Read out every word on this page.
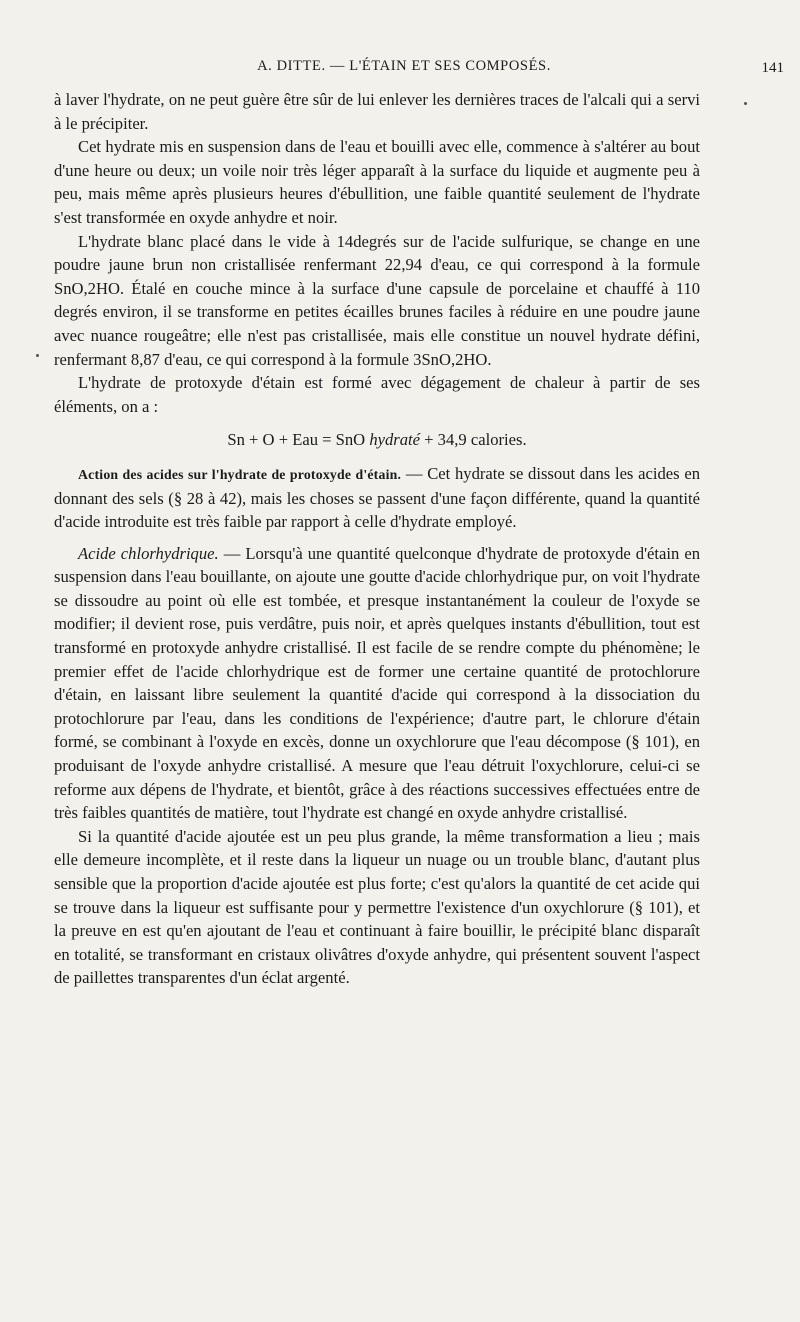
A. DITTE. — L'ÉTAIN ET SES COMPOSÉS.	141

à laver l'hydrate, on ne peut guère être sûr de lui enlever les dernières traces de l'alcali qui a servi à le précipiter.

Cet hydrate mis en suspension dans de l'eau et bouilli avec elle, commence à s'altérer au bout d'une heure ou deux; un voile noir très léger apparaît à la surface du liquide et augmente peu à peu, mais même après plusieurs heures d'ébullition, une faible quantité seulement de l'hydrate s'est transformée en oxyde anhydre et noir.

L'hydrate blanc placé dans le vide à 14degrés sur de l'acide sulfurique, se change en une poudre jaune brun non cristallisée renfermant 22,94 d'eau, ce qui correspond à la formule SnO,2HO. Étalé en couche mince à la surface d'une capsule de porcelaine et chauffé à 110 degrés environ, il se transforme en petites écailles brunes faciles à réduire en une poudre jaune avec nuance rougeâtre; elle n'est pas cristallisée, mais elle constitue un nouvel hydrate défini, renfermant 8,87 d'eau, ce qui correspond à la formule 3SnO,2HO.

L'hydrate de protoxyde d'étain est formé avec dégagement de chaleur à partir de ses éléments, on a :

Sn + O + Eau = SnO hydraté + 34,9 calories.

Action des acides sur l'hydrate de protoxyde d'étain. — Cet hydrate se dissout dans les acides en donnant des sels (§ 28 à 42), mais les choses se passent d'une façon différente, quand la quantité d'acide introduite est très faible par rapport à celle d'hydrate employé.

Acide chlorhydrique. — Lorsqu'à une quantité quelconque d'hydrate de protoxyde d'étain en suspension dans l'eau bouillante, on ajoute une goutte d'acide chlorhydrique pur, on voit l'hydrate se dissoudre au point où elle est tombée, et presque instantanément la couleur de l'oxyde se modifier; il devient rose, puis verdâtre, puis noir, et après quelques instants d'ébullition, tout est transformé en protoxyde anhydre cristallisé. Il est facile de se rendre compte du phénomène; le premier effet de l'acide chlorhydrique est de former une certaine quantité de protochlorure d'étain, en laissant libre seulement la quantité d'acide qui correspond à la dissociation du protochlorure par l'eau, dans les conditions de l'expérience; d'autre part, le chlorure d'étain formé, se combinant à l'oxyde en excès, donne un oxychlorure que l'eau décompose (§ 101), en produisant de l'oxyde anhydre cristallisé. A mesure que l'eau détruit l'oxychlorure, celui-ci se reforme aux dépens de l'hydrate, et bientôt, grâce à des réactions successives effectuées entre de très faibles quantités de matière, tout l'hydrate est changé en oxyde anhydre cristallisé.

Si la quantité d'acide ajoutée est un peu plus grande, la même transformation a lieu ; mais elle demeure incomplète, et il reste dans la liqueur un nuage ou un trouble blanc, d'autant plus sensible que la proportion d'acide ajoutée est plus forte; c'est qu'alors la quantité de cet acide qui se trouve dans la liqueur est suffisante pour y permettre l'existence d'un oxychlorure (§ 101), et la preuve en est qu'en ajoutant de l'eau et continuant à faire bouillir, le précipité blanc disparaît en totalité, se transformant en cristaux olivâtres d'oxyde anhydre, qui présentent souvent l'aspect de paillettes transparentes d'un éclat argenté.
